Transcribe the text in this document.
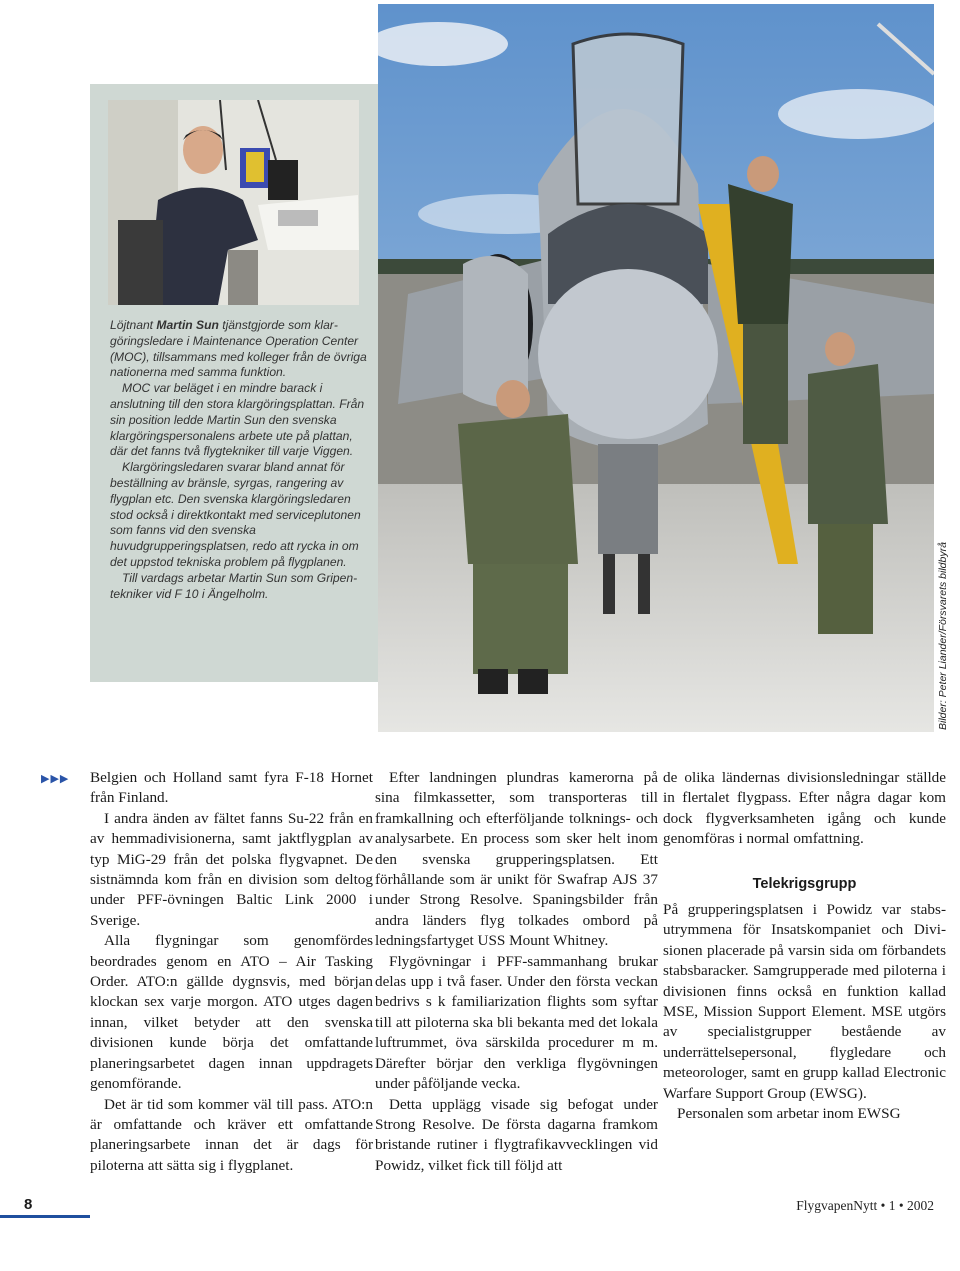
Löjtnant Martin Sun tjänstgjorde som klargöringsledare i Maintenance Operation Center (MOC), tillsammans med kolleger från de övriga nationerna med samma funktion.

MOC var beläget i en mindre barack i anslutning till den stora klargöringsplattan. Från sin position ledde Martin Sun den svenska klargöringspersonalens arbete ute på plattan, där det fanns två flygtekniker till varje Viggen.

Klargöringsledaren svarar bland annat för beställning av bränsle, syrgas, rangering av flygplan etc. Den svenska klargöringsledaren stod också i direktkontakt med serviceplutonen som fanns vid den svenska huvudgrupperingsplatsen, redo att rycka in om det uppstod tekniska problem på flygplanen.

Till vardags arbetar Martin Sun som Gripen-tekniker vid F 10 i Ängelholm.	Bilder: Peter Liander/Försvarets bildbyrå
▶▶▶ Belgien och Holland samt fyra F-18 Hornet från Finland.

I andra änden av fältet fanns Su-22 från en av hemmadivisionerna, samt jaktflygplan av typ MiG-29 från det polska flygvapnet. De sistnämnda kom från en division som deltog under PFF-övningen Baltic Link 2000 i Sverige.

Alla flygningar som genomfördes beordrades genom en ATO – Air Tasking Order. ATO:n gällde dygnsvis, med början klockan sex varje morgon. ATO utges dagen innan, vilket betyder att den svenska divisionen kunde börja det omfattande planeringsarbetet dagen innan uppdragets genomförande.

Det är tid som kommer väl till pass. ATO:n är omfattande och kräver ett omfattande planeringsarbete innan det är dags för piloterna att sätta sig i flygplanet.

Efter landningen plundras kamerorna på sina filmkassetter, som transporteras till framkallning och efterföljande tolknings- och analysarbete. En process som sker helt inom den svenska grupperingsplatsen. Ett förhållande som är unikt för Swafrap AJS 37 under Strong Resolve. Spaningsbilder från andra länders flyg tolkades ombord på ledningsfartyget USS Mount Whitney.

Flygövningar i PFF-sammanhang brukar delas upp i två faser. Under den första veckan bedrivs s k familiarization flights som syftar till att piloterna ska bli bekanta med det lokala luftrummet, öva särskilda procedurer m m. Därefter börjar den verkliga flygövningen under påföljande vecka.

Detta upplägg visade sig befogat under Strong Resolve. De första dagarna framkom bristande rutiner i flygtrafikavvecklingen vid Powidz, vilket fick till följd att

de olika ländernas divisionsledningar ställde in flertalet flygpass. Efter några dagar kom dock flygverksamheten igång och kunde genomföras i normal omfattning.

Telekrigsgrupp

På grupperingsplatsen i Powidz var stabsutrymmena för Insatskompaniet och Divisionen placerade på varsin sida om förbandets stabsbaracker. Samgrupperade med piloterna i divisionen finns också en funktion kallad MSE, Mission Support Element. MSE utgörs av specialistgrupper bestående av underrättelsepersonal, flygledare och meteorologer, samt en grupp kallad Electronic Warfare Support Group (EWSG).

Personalen som arbetar inom EWSG

8	FlygvapenNytt • 1 • 2002
